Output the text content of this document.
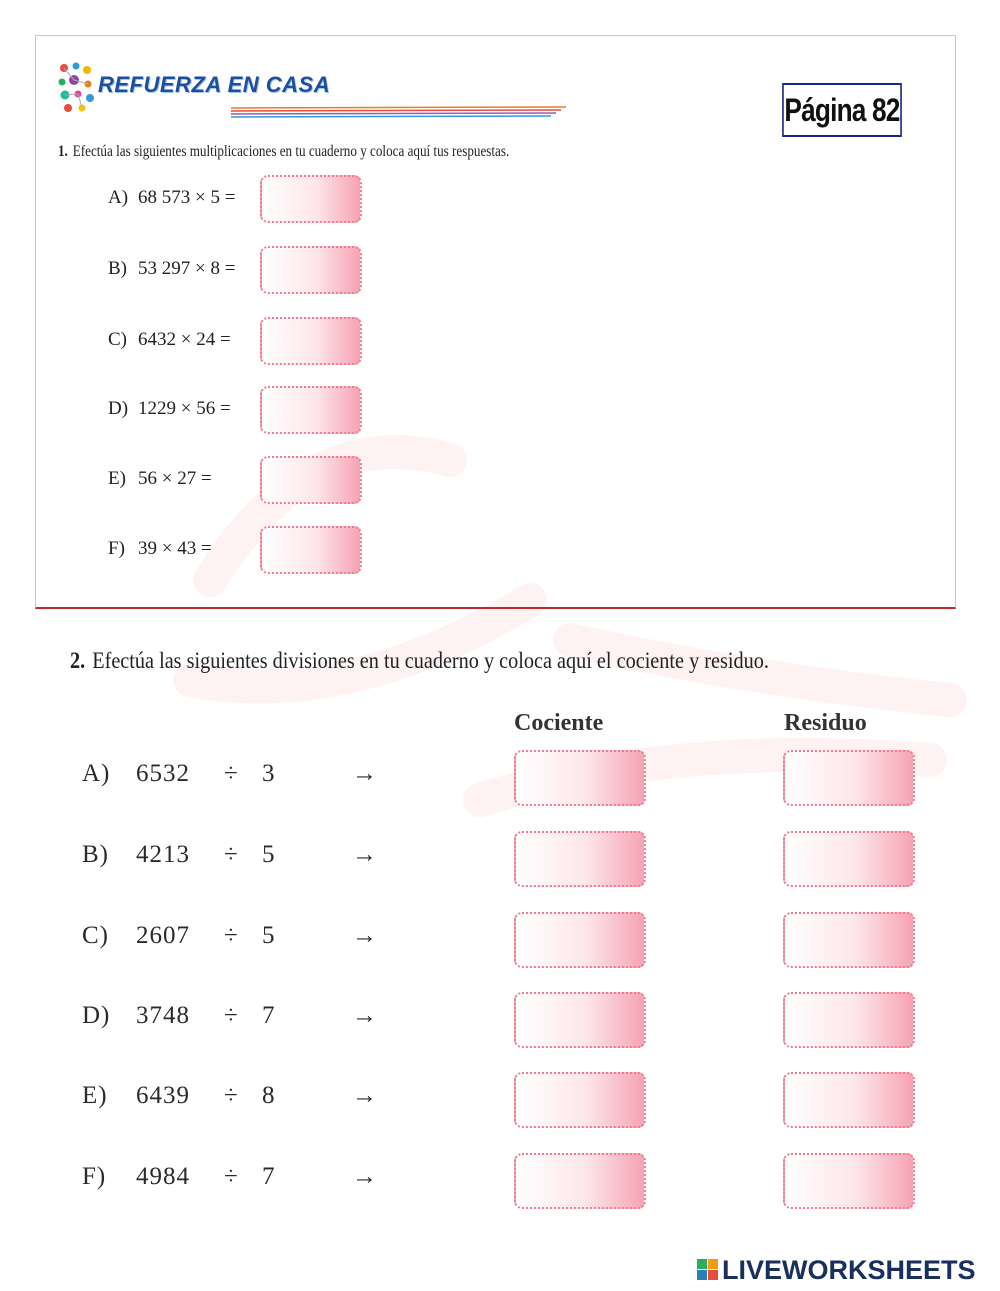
REFUERZA EN CASA
Página 82
1. Efectúa las siguientes multiplicaciones en tu cuaderno y coloca aquí tus respuestas.
A) 68 573 × 5 =
B) 53 297 × 8 =
C) 6432 × 24 =
D) 1229 × 56 =
E) 56 × 27 =
F) 39 × 43 =
2. Efectúa las siguientes divisiones en tu cuaderno y coloca aquí el cociente y residuo.
Cociente	Residuo
A) 6532 ÷ 3	→
B) 4213 ÷ 5	→
C) 2607 ÷ 5	→
D) 3748 ÷ 7	→
E) 6439 ÷ 8	→
F) 4984 ÷ 7	→
LIVEWORKSHEETS
